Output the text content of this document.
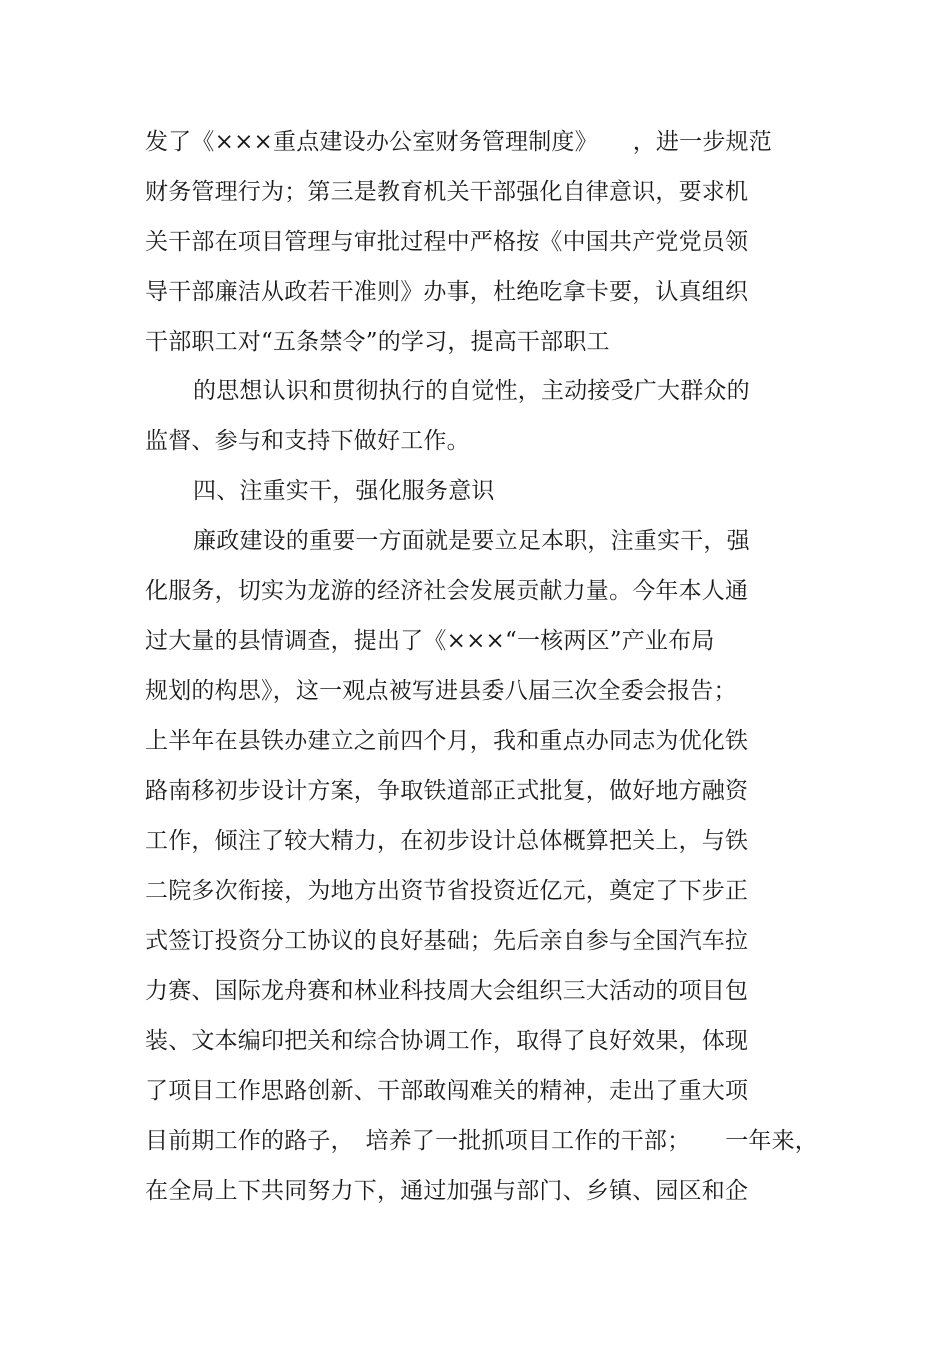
发了《×××重点建设办公室财务管理制度》　　，进一步规范
财务管理行为；第三是教育机关干部强化自律意识，要求机
关干部在项目管理与审批过程中严格按《中国共产党党员领
导干部廉洁从政若干准则》办事，杜绝吃拿卡要，认真组织
干部职工对“五条禁令”的学习，提高干部职工
的思想认识和贯彻执行的自觉性，主动接受广大群众的
监督、参与和支持下做好工作。
四、注重实干，强化服务意识
廉政建设的重要一方面就是要立足本职，注重实干，强
化服务，切实为龙游的经济社会发展贡献力量。今年本人通
过大量的县情调查，提出了《×××“一核两区”产业布局
规划的构思》，这一观点被写进县委八届三次全委会报告；
上半年在县铁办建立之前四个月，我和重点办同志为优化铁
路南移初步设计方案，争取铁道部正式批复，做好地方融资
工作，倾注了较大精力，在初步设计总体概算把关上，与铁
二院多次衔接，为地方出资节省投资近亿元，奠定了下步正
式签订投资分工协议的良好基础；先后亲自参与全国汽车拉
力赛、国际龙舟赛和林业科技周大会组织三大活动的项目包
装、文本编印把关和综合协调工作，取得了良好效果，体现
了项目工作思路创新、干部敢闯难关的精神，走出了重大项
目前期工作的路子，　培养了一批抓项目工作的干部；　　一年来，
在全局上下共同努力下，通过加强与部门、乡镇、园区和企
